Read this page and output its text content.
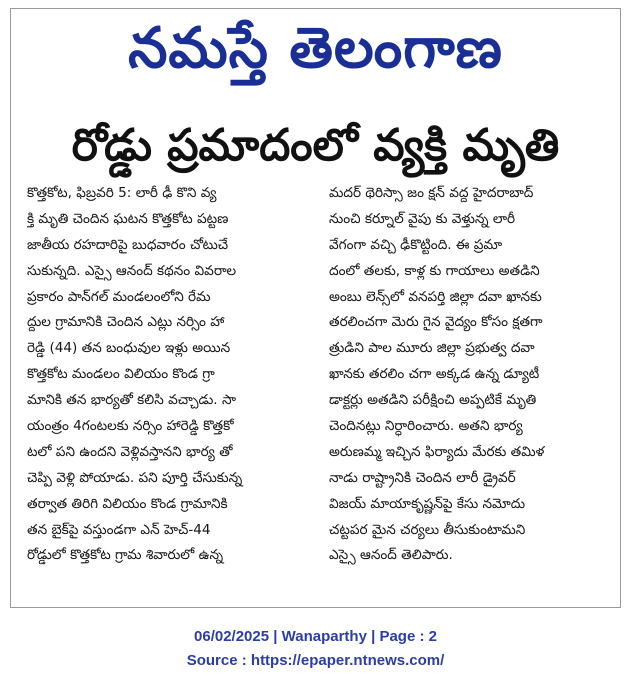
నమస్తే తెలంగాణ
రోడ్డు ప్రమాదంలో వ్యక్తి మృతి
కొత్తకోట, ఫిబ్రవరి 5: లారీ ఢీ కొని వ్య
క్తి మృతి చెందిన ఘటన కొత్తకోట పట్టణ
జాతీయ రహదారిపై బుధవారం చోటుచే
సుకున్నది. ఎస్సై ఆనంద్ కథనం వివరాల
ప్రకారం పాన్‌గల్ మండలంలోని రేమ
ద్దుల గ్రామానికి చెందిన ఎట్లు నర్సిం హా
రెడ్డి (44) తన బంధువుల ఇళ్లు అయిన
కొత్తకోట మండలం విలియం కొండ గ్రా
మానికి తన భార్యతో కలిసి వచ్చాడు. సా
యంత్రం 4గంటలకు నర్సిం హారెడ్డి కొత్తకో
టలో పని ఉందని వెళ్లివస్తానని భార్య తో
చెప్పి వెళ్లి పోయాడు. పని పూర్తి చేసుకున్న
తర్వాత తిరిగి విలియం కొండ గ్రామానికి
తన బైక్‌పై వస్తుండగా ఎన్ హెచ్-44
రోడ్డులో కొత్తకోట గ్రామ శివారులో ఉన్న
మదర్ థెరిస్సా జం క్షన్ వద్ద హైదరాబాద్
నుంచి కర్నూల్ వైపు కు వెళ్తున్న లారీ
వేగంగా వచ్చి ఢీకొట్టింది. ఈ ప్రమా
దంలో తలకు, కాళ్ల కు గాయాలు అతడిని
అంబు లెన్స్‌లో వనపర్తి జిల్లా దవా ఖానకు
తరలించగా మెరు గైన వైద్యం కోసం క్షతగా
త్రుడిని పాల మూరు జిల్లా ప్రభుత్వ దవా
ఖానకు తరలిం చగా అక్కడ ఉన్న డ్యూటీ
డాక్టర్లు అతడిని పరీక్షించి అప్పటికే మృతి
చెందినట్లు నిర్ధారించారు. అతని భార్య
అరుణమ్మ ఇచ్చిన ఫిర్యాదు మేరకు తమిళ
నాడు రాష్ట్రానికి చెందిన లారీ డ్రైవర్
విజయ్ మాయాకృష్ణన్‌పై కేసు నమోదు
చట్టపర మైన చర్యలు తీసుకుంటామని
ఎస్సై ఆనంద్ తెలిపారు.
06/02/2025 | Wanaparthy | Page : 2
Source : https://epaper.ntnews.com/
